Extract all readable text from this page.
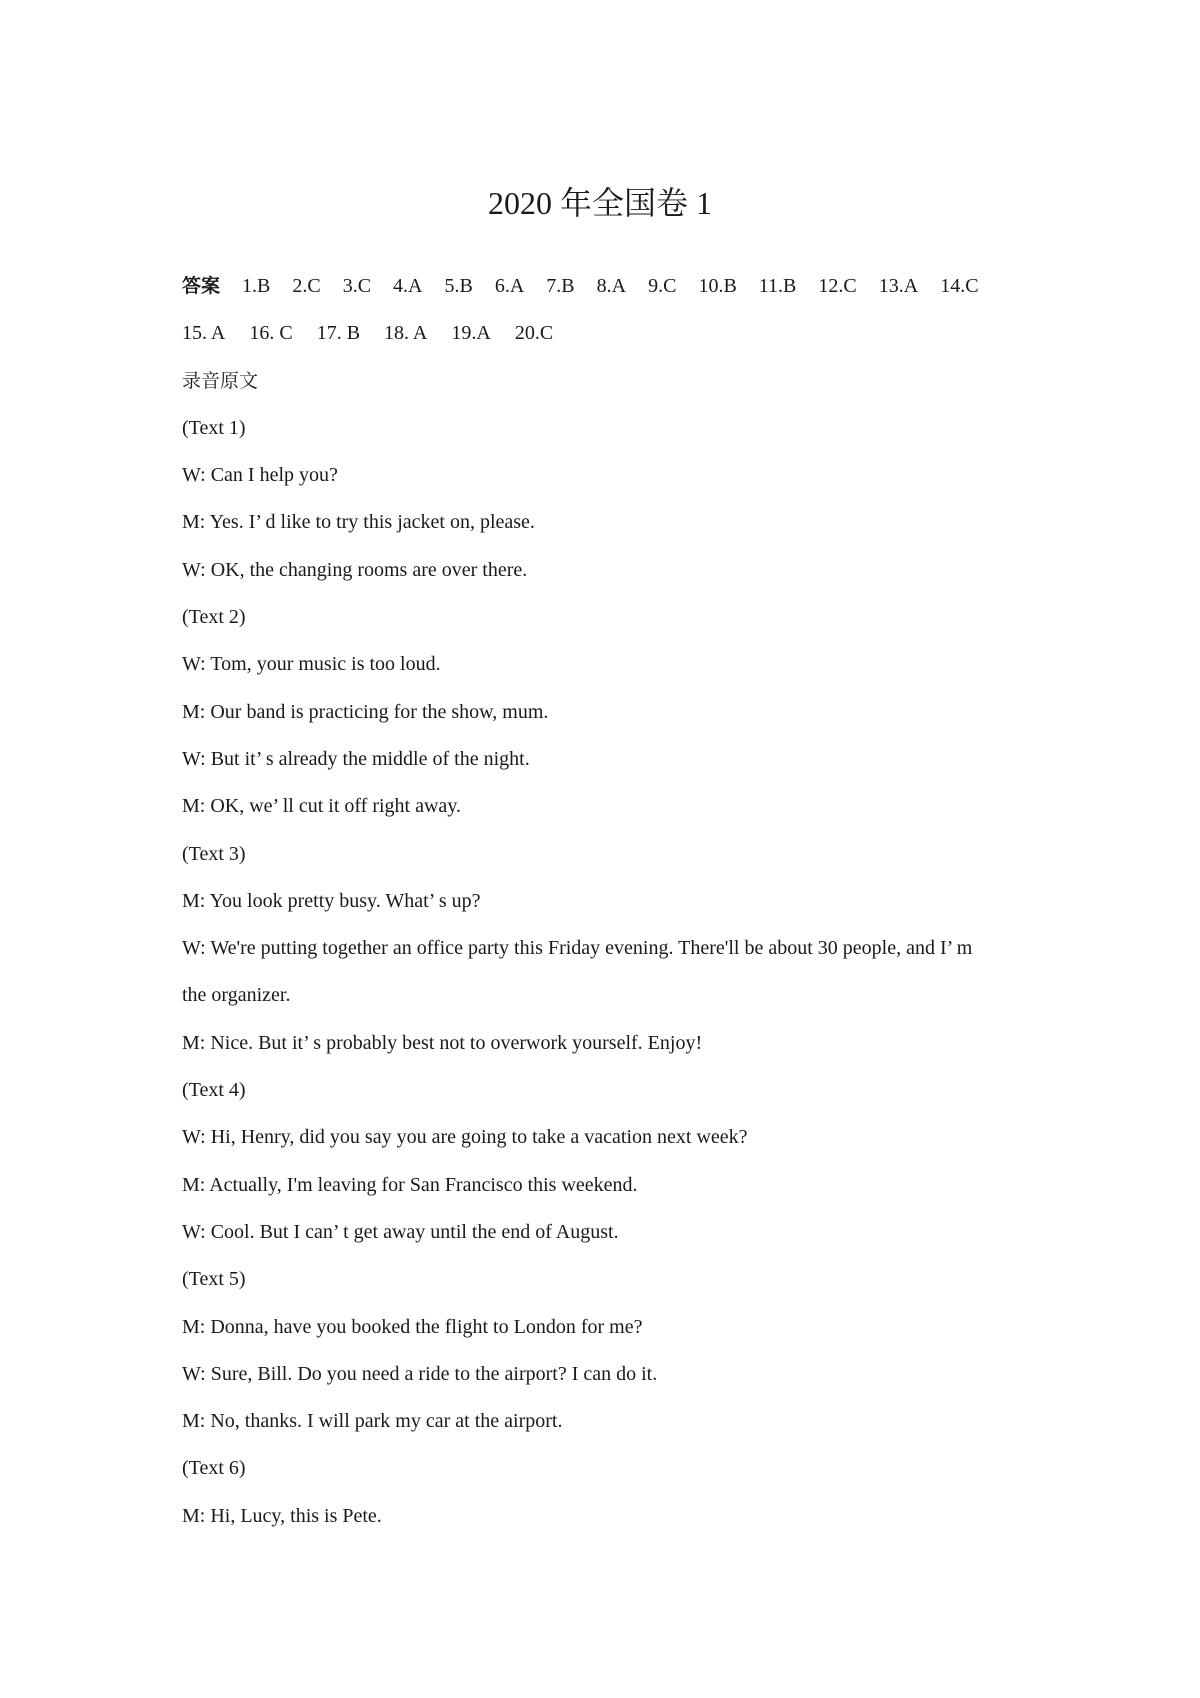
2020 年全国卷 1
答案 1.B 2.C 3.C 4.A 5.B 6.A 7.B 8.A 9.C 10.B 11.B 12.C 13.A 14.C
15. A 16. C 17. B 18. A 19.A 20.C
录音原文
(Text 1)
W: Can I help you?
M: Yes. I’ d like to try this jacket on, please.
W: OK, the changing rooms are over there.
(Text 2)
W: Tom, your music is too loud.
M: Our band is practicing for the show, mum.
W: But it’ s already the middle of the night.
M: OK, we’ ll cut it off right away.
(Text 3)
M: You look pretty busy. What’ s up?
W: We're putting together an office party this Friday evening. There'll be about 30 people, and I’ m
the organizer.
M: Nice. But it’ s probably best not to overwork yourself. Enjoy!
(Text 4)
W: Hi, Henry, did you say you are going to take a vacation next week?
M: Actually, I'm leaving for San Francisco this weekend.
W: Cool. But I can’ t get away until the end of August.
(Text 5)
M: Donna, have you booked the flight to London for me?
W: Sure, Bill. Do you need a ride to the airport? I can do it.
M: No, thanks. I will park my car at the airport.
(Text 6)
M: Hi, Lucy, this is Pete.
